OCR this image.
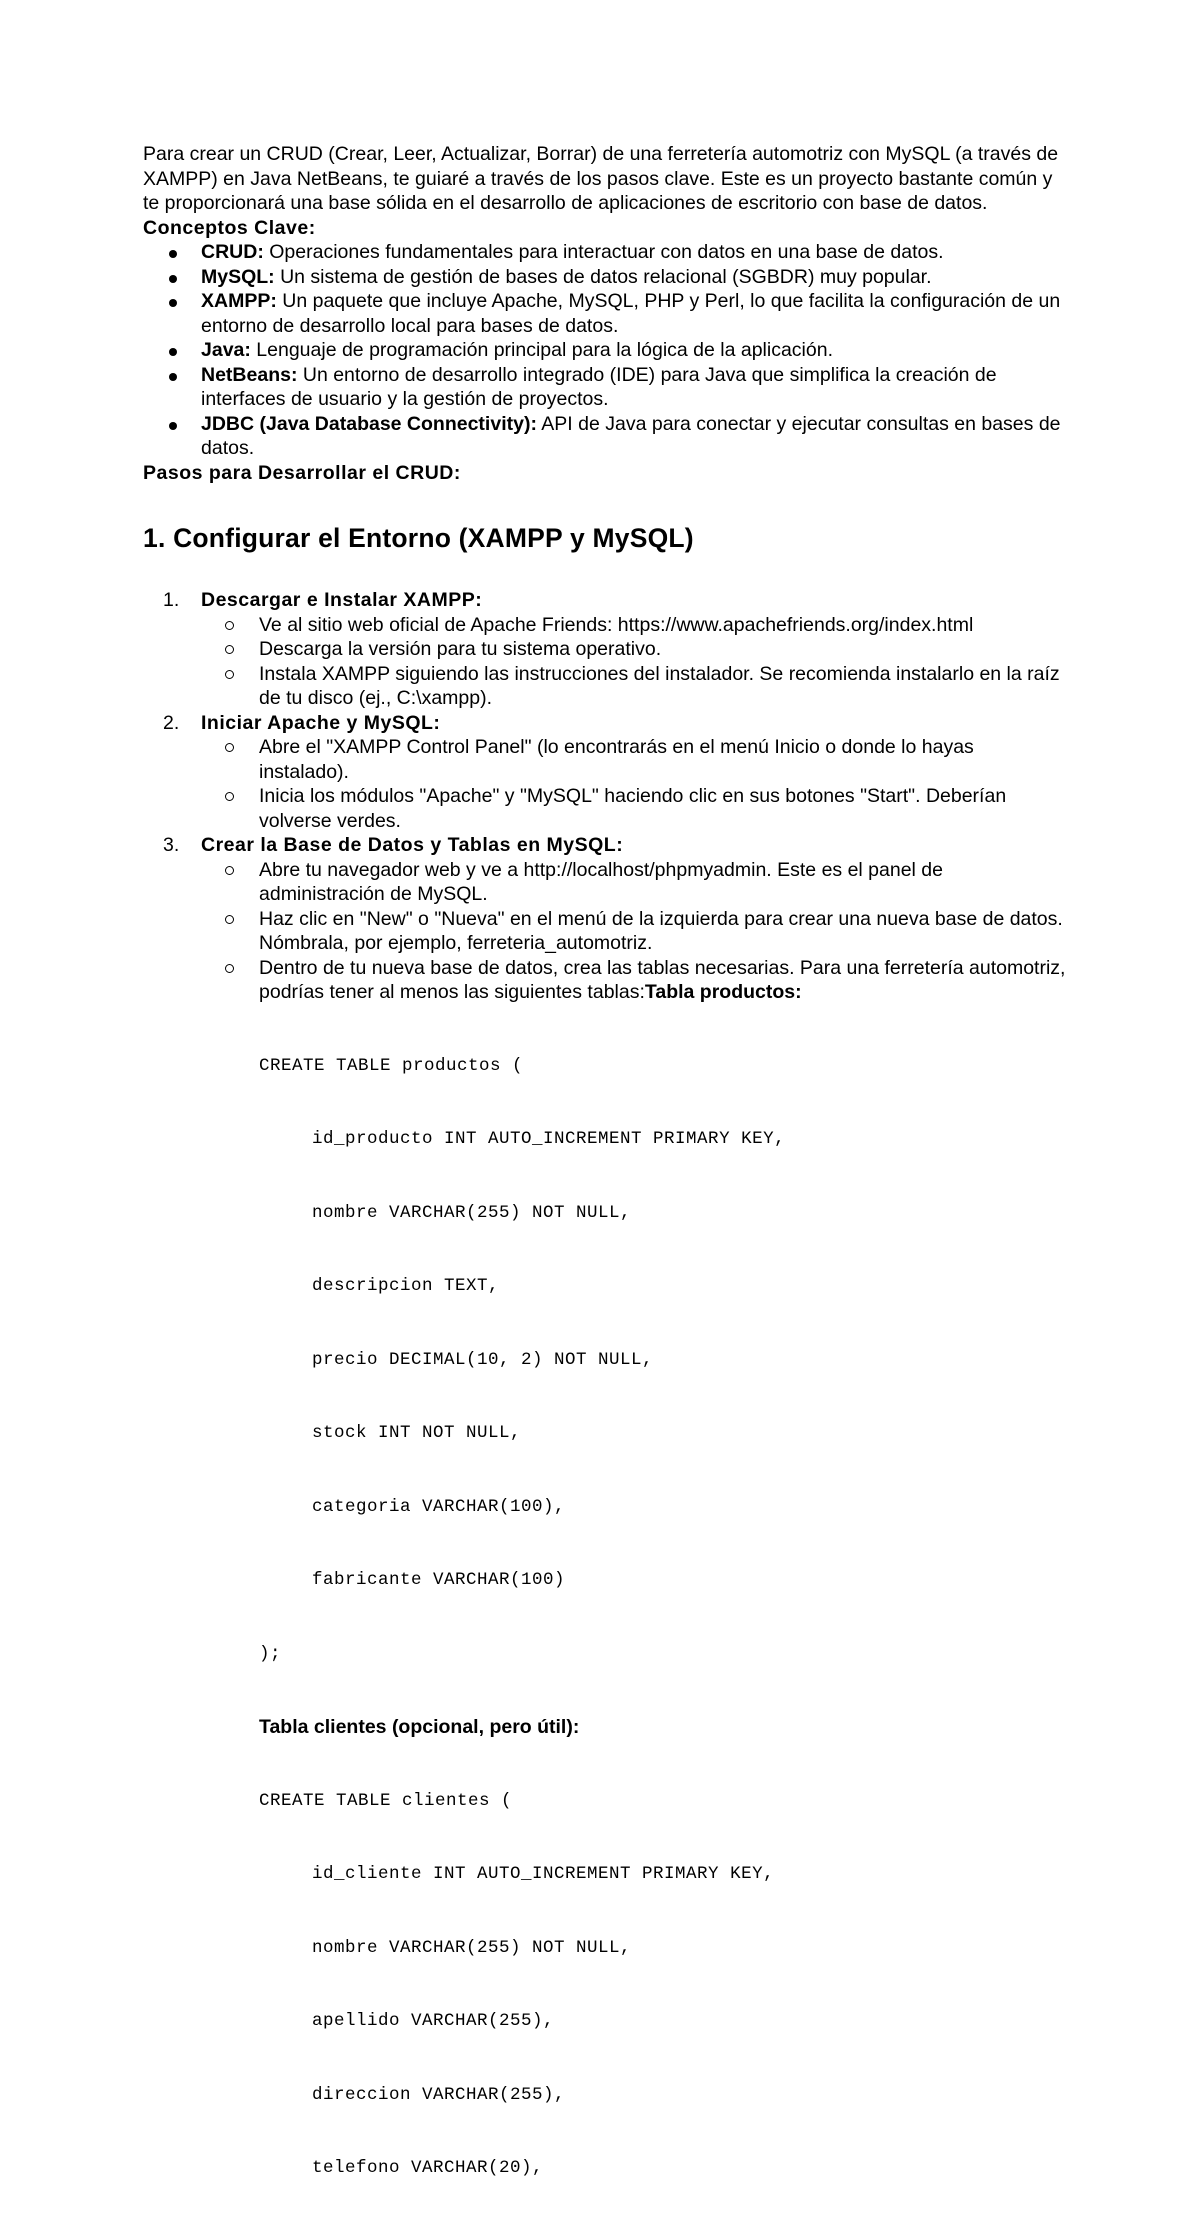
Para crear un CRUD (Crear, Leer, Actualizar, Borrar) de una ferretería automotriz con MySQL (a través de XAMPP) en Java NetBeans, te guiaré a través de los pasos clave. Este es un proyecto bastante común y te proporcionará una base sólida en el desarrollo de aplicaciones de escritorio con base de datos.

Conceptos Clave:

CRUD: Operaciones fundamentales para interactuar con datos en una base de datos.
MySQL: Un sistema de gestión de bases de datos relacional (SGBDR) muy popular.
XAMPP: Un paquete que incluye Apache, MySQL, PHP y Perl, lo que facilita la configuración de un entorno de desarrollo local para bases de datos.
Java: Lenguaje de programación principal para la lógica de la aplicación.
NetBeans: Un entorno de desarrollo integrado (IDE) para Java que simplifica la creación de interfaces de usuario y la gestión de proyectos.
JDBC (Java Database Connectivity): API de Java para conectar y ejecutar consultas en bases de datos.

Pasos para Desarrollar el CRUD:

1. Configurar el Entorno (XAMPP y MySQL)
1. Descargar e Instalar XAMPP:
Ve al sitio web oficial de Apache Friends: https://www.apachefriends.org/index.html
Descarga la versión para tu sistema operativo.
Instala XAMPP siguiendo las instrucciones del instalador. Se recomienda instalarlo en la raíz de tu disco (ej., C:\xampp).
2. Iniciar Apache y MySQL:
Abre el "XAMPP Control Panel" (lo encontrarás en el menú Inicio o donde lo hayas instalado).
Inicia los módulos "Apache" y "MySQL" haciendo clic en sus botones "Start". Deberían volverse verdes.
3. Crear la Base de Datos y Tablas en MySQL:
Abre tu navegador web y ve a http://localhost/phpmyadmin. Este es el panel de administración de MySQL.
Haz clic en "New" o "Nueva" en el menú de la izquierda para crear una nueva base de datos. Nómbrala, por ejemplo, ferreteria_automotriz.
Dentro de tu nueva base de datos, crea las tablas necesarias. Para una ferretería automotriz, podrías tener al menos las siguientes tablas:Tabla productos:

CREATE TABLE productos (

id_producto INT AUTO_INCREMENT PRIMARY KEY,

nombre VARCHAR(255) NOT NULL,

descripcion TEXT,

precio DECIMAL(10, 2) NOT NULL,

stock INT NOT NULL,

categoria VARCHAR(100),

fabricante VARCHAR(100)

);

Tabla clientes (opcional, pero útil):

CREATE TABLE clientes (

id_cliente INT AUTO_INCREMENT PRIMARY KEY,

nombre VARCHAR(255) NOT NULL,

apellido VARCHAR(255),

direccion VARCHAR(255),

telefono VARCHAR(20),
